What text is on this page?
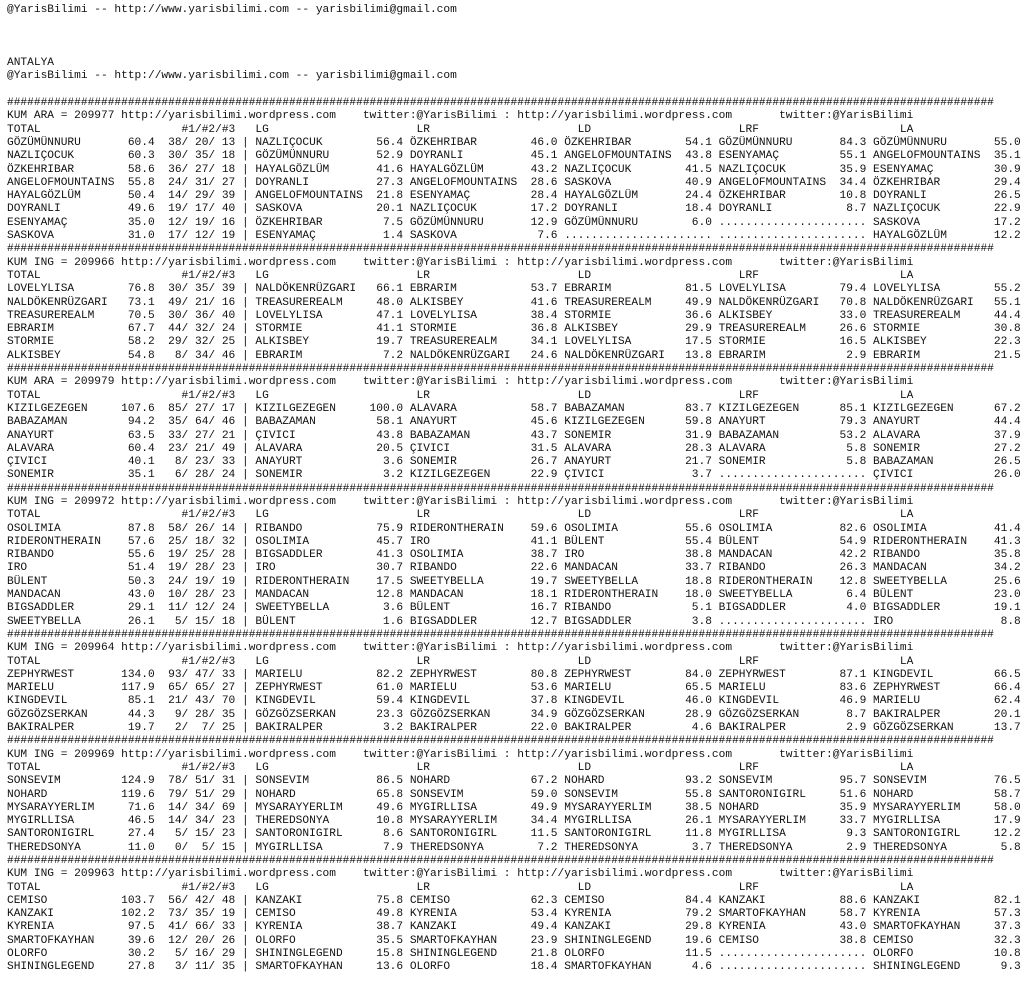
@YarisBilimi -- http://www.yarisbilimi.com -- yarisbilimi@gmail.com
ANTALYA
@YarisBilimi -- http://www.yarisbilimi.com -- yarisbilimi@gmail.com
###################################################################################################################################################
KUM ARA = 209977 http://yarisbilimi.wordpress.com    twitter:@YarisBilimi : http://yarisbilimi.wordpress.com       twitter:@YarisBilimi
TOTAL                     #1/#2/#3   LG                      LR                      LD                      LRF                     LA
GÖZÜMÜNNURU       60.4  38/ 20/ 13 | NAZLIÇOCUK        56.4 ÖZKEHRIBAR        46.0 ÖZKEHRIBAR        54.1 GÖZÜMÜNNURU       84.3 GÖZÜMÜNNURU       55.0
NAZLIÇOCUK        60.3  30/ 35/ 18 | GÖZÜMÜNNURU       52.9 DOYRANLI          45.1 ANGELOFMOUNTAINS  43.8 ESENYAMAÇ         55.1 ANGELOFMOUNTAINS  35.1
ÖZKEHRIBAR        58.6  36/ 27/ 18 | HAYALGÖZLÜM       41.6 HAYALGÖZLÜM       43.2 NAZLIÇOCUK        41.5 NAZLIÇOCUK        35.9 ESENYAMAÇ         30.9
ANGELOFMOUNTAINS  55.8  24/ 31/ 27 | DOYRANLI          27.3 ANGELOFMOUNTAINS  28.6 SASKOVA           40.9 ANGELOFMOUNTAINS  34.4 ÖZKEHRIBAR        29.4
HAYALGÖZLÜM       50.4  14/ 29/ 39 | ANGELOFMOUNTAINS  21.8 ESENYAMAÇ         28.4 HAYALGÖZLÜM       24.4 ÖZKEHRIBAR        10.8 DOYRANLI          26.5
DOYRANLI          49.6  19/ 17/ 40 | SASKOVA           20.1 NAZLIÇOCUK        17.2 DOYRANLI          18.4 DOYRANLI           8.7 NAZLIÇOCUK        22.9
ESENYAMAÇ         35.0  12/ 19/ 16 | ÖZKEHRIBAR         7.5 GÖZÜMÜNNURU       12.9 GÖZÜMÜNNURU        6.0 ...................... SASKOVA           17.2
SASKOVA           31.0  17/ 12/ 19 | ESENYAMAÇ          1.4 SASKOVA            7.6 ...................... ...................... HAYALGÖZLÜM       12.2
###################################################################################################################################################
KUM ING = 209966 http://yarisbilimi.wordpress.com    twitter:@YarisBilimi : http://yarisbilimi.wordpress.com       twitter:@YarisBilimi
TOTAL                     #1/#2/#3   LG                      LR                      LD                      LRF                     LA
LOVELYLISA        76.8  30/ 35/ 39 | NALDÖKENRÜZGARI   66.1 EBRARIM           53.7 EBRARIM           81.5 LOVELYLISA        79.4 LOVELYLISA        55.2
NALDÖKENRÜZGARI   73.1  49/ 21/ 16 | TREASUREREALM     48.0 ALKISBEY          41.6 TREASUREREALM     49.9 NALDÖKENRÜZGARI   70.8 NALDÖKENRÜZGARI   55.1
TREASUREREALM     70.5  30/ 36/ 40 | LOVELYLISA        47.1 LOVELYLISA        38.4 STORMIE           36.6 ALKISBEY          33.0 TREASUREREALM     44.4
EBRARIM           67.7  44/ 32/ 24 | STORMIE           41.1 STORMIE           36.8 ALKISBEY          29.9 TREASUREREALM     26.6 STORMIE           30.8
STORMIE           58.2  29/ 32/ 25 | ALKISBEY          19.7 TREASUREREALM     34.1 LOVELYLISA        17.5 STORMIE           16.5 ALKISBEY          22.3
ALKISBEY          54.8   8/ 34/ 46 | EBRARIM            7.2 NALDÖKENRÜZGARI   24.6 NALDÖKENRÜZGARI   13.8 EBRARIM            2.9 EBRARIM           21.5
###################################################################################################################################################
KUM ARA = 209979 http://yarisbilimi.wordpress.com    twitter:@YarisBilimi : http://yarisbilimi.wordpress.com       twitter:@YarisBilimi
TOTAL                     #1/#2/#3   LG                      LR                      LD                      LRF                     LA
KIZILGEZEGEN     107.6  85/ 27/ 17 | KIZILGEZEGEN     100.0 ALAVARA           58.7 BABAZAMAN         83.7 KIZILGEZEGEN      85.1 KIZILGEZEGEN      67.2
BABAZAMAN         94.2  35/ 64/ 46 | BABAZAMAN         58.1 ANAYURT           45.6 KIZILGEZEGEN      59.8 ANAYURT           79.3 ANAYURT           44.4
ANAYURT           63.5  33/ 27/ 21 | ÇIVICI            43.8 BABAZAMAN         43.7 SONEMIR           31.9 BABAZAMAN         53.2 ALAVARA           37.9
ALAVARA           60.4  23/ 21/ 49 | ALAVARA           20.5 ÇIVICI            31.5 ALAVARA           28.3 ALAVARA            5.8 SONEMIR           27.2
ÇIVICI            40.1   8/ 23/ 33 | ANAYURT            3.6 SONEMIR           26.7 ANAYURT           21.7 SONEMIR            5.8 BABAZAMAN         26.5
SONEMIR           35.1   6/ 28/ 24 | SONEMIR            3.2 KIZILGEZEGEN      22.9 ÇIVICI             3.7 ...................... ÇIVICI            26.0
###################################################################################################################################################
KUM ING = 209972 http://yarisbilimi.wordpress.com    twitter:@YarisBilimi : http://yarisbilimi.wordpress.com       twitter:@YarisBilimi
TOTAL                     #1/#2/#3   LG                      LR                      LD                      LRF                     LA
OSOLIMIA          87.8  58/ 26/ 14 | RIBANDO           75.9 RIDERONTHERAIN    59.6 OSOLIMIA          55.6 OSOLIMIA          82.6 OSOLIMIA          41.4
RIDERONTHERAIN    57.6  25/ 18/ 32 | OSOLIMIA          45.7 IRO               41.1 BÜLENT            55.4 BÜLENT            54.9 RIDERONTHERAIN    41.3
RIBANDO           55.6  19/ 25/ 28 | BIGSADDLER        41.3 OSOLIMIA          38.7 IRO               38.8 MANDACAN          42.2 RIBANDO           35.8
IRO               51.4  19/ 28/ 23 | IRO               30.7 RIBANDO           22.6 MANDACAN          33.7 RIBANDO           26.3 MANDACAN          34.2
BÜLENT            50.3  24/ 19/ 19 | RIDERONTHERAIN    17.5 SWEETYBELLA       19.7 SWEETYBELLA       18.8 RIDERONTHERAIN    12.8 SWEETYBELLA       25.6
MANDACAN          43.0  10/ 28/ 23 | MANDACAN          12.8 MANDACAN          18.1 RIDERONTHERAIN    18.0 SWEETYBELLA        6.4 BÜLENT            23.0
BIGSADDLER        29.1  11/ 12/ 24 | SWEETYBELLA        3.6 BÜLENT            16.7 RIBANDO            5.1 BIGSADDLER         4.0 BIGSADDLER        19.1
SWEETYBELLA       26.1   5/ 15/ 18 | BÜLENT             1.6 BIGSADDLER        12.7 BIGSADDLER         3.8 ...................... IRO                8.8
###################################################################################################################################################
KUM ING = 209964 http://yarisbilimi.wordpress.com    twitter:@YarisBilimi : http://yarisbilimi.wordpress.com       twitter:@YarisBilimi
TOTAL                     #1/#2/#3   LG                      LR                      LD                      LRF                     LA
ZEPHYRWEST       134.0  93/ 47/ 33 | MARIELU           82.2 ZEPHYRWEST        80.8 ZEPHYRWEST        84.0 ZEPHYRWEST        87.1 KINGDEVIL         66.5
MARIELU          117.9  65/ 65/ 27 | ZEPHYRWEST        61.0 MARIELU           53.6 MARIELU           65.5 MARIELU           83.6 ZEPHYRWEST        66.4
KINGDEVIL         85.1  21/ 43/ 70 | KINGDEVIL         59.4 KINGDEVIL         37.8 KINGDEVIL         46.0 KINGDEVIL         46.9 MARIELU           62.4
GÖZGÖZSERKAN      44.3   9/ 28/ 35 | GÖZGÖZSERKAN      23.3 GÖZGÖZSERKAN      34.9 GÖZGÖZSERKAN      28.9 GÖZGÖZSERKAN       8.7 BAKIRALPER        20.1
BAKIRALPER        19.7   2/  7/ 25 | BAKIRALPER         3.2 BAKIRALPER        22.0 BAKIRALPER         4.6 BAKIRALPER         2.9 GÖZGÖZSERKAN      13.7
###################################################################################################################################################
KUM ING = 209969 http://yarisbilimi.wordpress.com    twitter:@YarisBilimi : http://yarisbilimi.wordpress.com       twitter:@YarisBilimi
TOTAL                     #1/#2/#3   LG                      LR                      LD                      LRF                     LA
SONSEVIM         124.9  78/ 51/ 31 | SONSEVIM          86.5 NOHARD            67.2 NOHARD            93.2 SONSEVIM          95.7 SONSEVIM          76.5
NOHARD           119.6  79/ 51/ 29 | NOHARD            65.8 SONSEVIM          59.0 SONSEVIM          55.8 SANTORONIGIRL     51.6 NOHARD            58.7
MYSARAYYERLIM     71.6  14/ 34/ 69 | MYSARAYYERLIM     49.6 MYGIRLLISA        49.9 MYSARAYYERLIM     38.5 NOHARD            35.9 MYSARAYYERLIM     58.0
MYGIRLLISA        46.5  14/ 34/ 23 | THEREDSONYA       10.8 MYSARAYYERLIM     34.4 MYGIRLLISA        26.1 MYSARAYYERLIM     33.7 MYGIRLLISA        17.9
SANTORONIGIRL     27.4   5/ 15/ 23 | SANTORONIGIRL      8.6 SANTORONIGIRL     11.5 SANTORONIGIRL     11.8 MYGIRLLISA         9.3 SANTORONIGIRL     12.2
THEREDSONYA       11.0   0/  5/ 15 | MYGIRLLISA         7.9 THEREDSONYA        7.2 THEREDSONYA        3.7 THEREDSONYA        2.9 THEREDSONYA        5.8
###################################################################################################################################################
KUM ING = 209963 http://yarisbilimi.wordpress.com    twitter:@YarisBilimi : http://yarisbilimi.wordpress.com       twitter:@YarisBilimi
TOTAL                     #1/#2/#3   LG                      LR                      LD                      LRF                     LA
CEMISO           103.7  56/ 42/ 48 | KANZAKI           75.8 CEMISO            62.3 CEMISO            84.4 KANZAKI           88.6 KANZAKI           82.1
KANZAKI          102.2  73/ 35/ 19 | CEMISO            49.8 KYRENIA           53.4 KYRENIA           79.2 SMARTOFKAYHAN     58.7 KYRENIA           57.3
KYRENIA           97.5  41/ 66/ 33 | KYRENIA           38.7 KANZAKI           49.4 KANZAKI           29.8 KYRENIA           43.0 SMARTOFKAYHAN     37.3
SMARTOFKAYHAN     39.6  12/ 20/ 26 | OLORFO            35.5 SMARTOFKAYHAN     23.9 SHININGLEGEND     19.6 CEMISO            38.8 CEMISO            32.3
OLORFO            30.2   5/ 16/ 29 | SHININGLEGEND     15.8 SHININGLEGEND     21.8 OLORFO            11.5 ...................... OLORFO            10.8
SHININGLEGEND     27.8   3/ 11/ 35 | SMARTOFKAYHAN     13.6 OLORFO            18.4 SMARTOFKAYHAN      4.6 ...................... SHININGLEGEND      9.3
